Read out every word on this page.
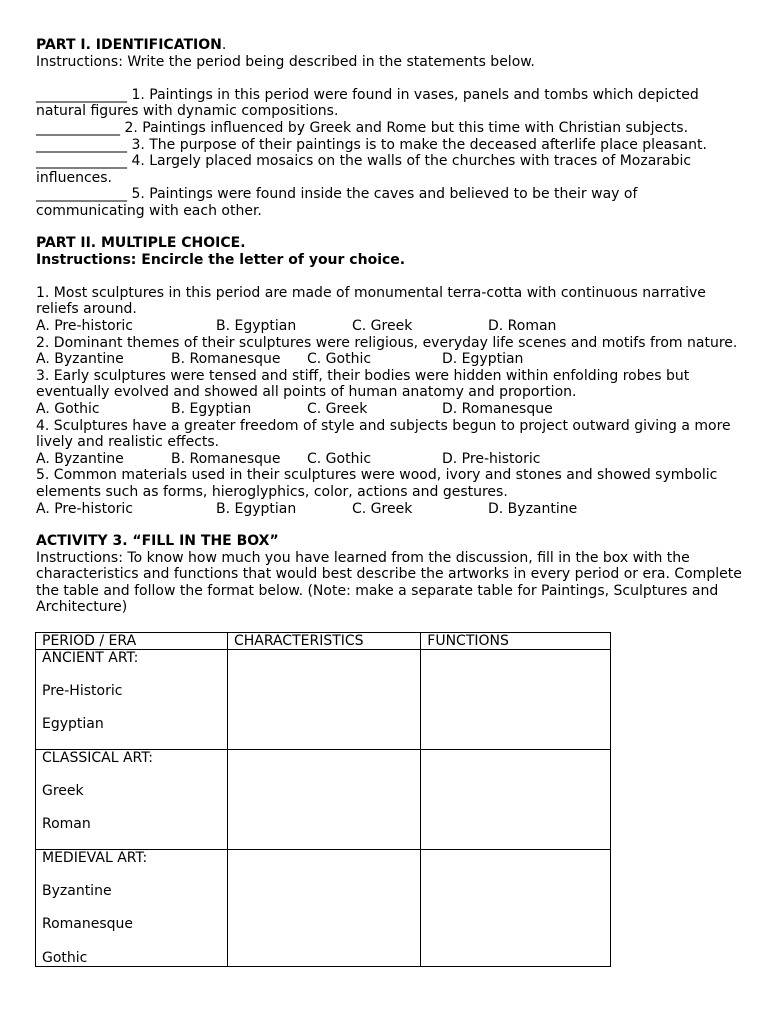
PART I. IDENTIFICATION.
Instructions: Write the period being described in the statements below.
_____________ 1. Paintings in this period were found in vases, panels and tombs which depicted
natural figures with dynamic compositions.
____________ 2. Paintings influenced by Greek and Rome but this time with Christian subjects.
_____________ 3. The purpose of their paintings is to make the deceased afterlife place pleasant.
_____________ 4. Largely placed mosaics on the walls of the churches with traces of Mozarabic
influences.
_____________ 5. Paintings were found inside the caves and believed to be their way of
communicating with each other.
PART II. MULTIPLE CHOICE.
Instructions: Encircle the letter of your choice.
1. Most sculptures in this period are made of monumental terra-cotta with continuous narrative
reliefs around.
A. Pre-historic	B. Egyptian	C. Greek	D. Roman
2. Dominant themes of their sculptures were religious, everyday life scenes and motifs from nature.
A. Byzantine	B. Romanesque C. Gothic	D. Egyptian
3. Early sculptures were tensed and stiff, their bodies were hidden within enfolding robes but
eventually evolved and showed all points of human anatomy and proportion.
A. Gothic	B. Egyptian	C. Greek	D. Romanesque
4. Sculptures have a greater freedom of style and subjects begun to project outward giving a more
lively and realistic effects.
A. Byzantine	B. Romanesque C. Gothic	D. Pre-historic
5. Common materials used in their sculptures were wood, ivory and stones and showed symbolic
elements such as forms, hieroglyphics, color, actions and gestures.
A. Pre-historic	B. Egyptian	C. Greek	D. Byzantine
ACTIVITY 3. “FILL IN THE BOX”
Instructions: To know how much you have learned from the discussion, fill in the box with the
characteristics and functions that would best describe the artworks in every period or era. Complete
the table and follow the format below. (Note: make a separate table for Paintings, Sculptures and
Architecture)
PERIOD / ERA	CHARACTERISTICS	FUNCTIONS

ANCIENT ART:
Pre-Historic
Egyptian		

CLASSICAL ART:
Greek
Roman		

MEDIEVAL ART:
Byzantine
Romanesque
Gothic		
